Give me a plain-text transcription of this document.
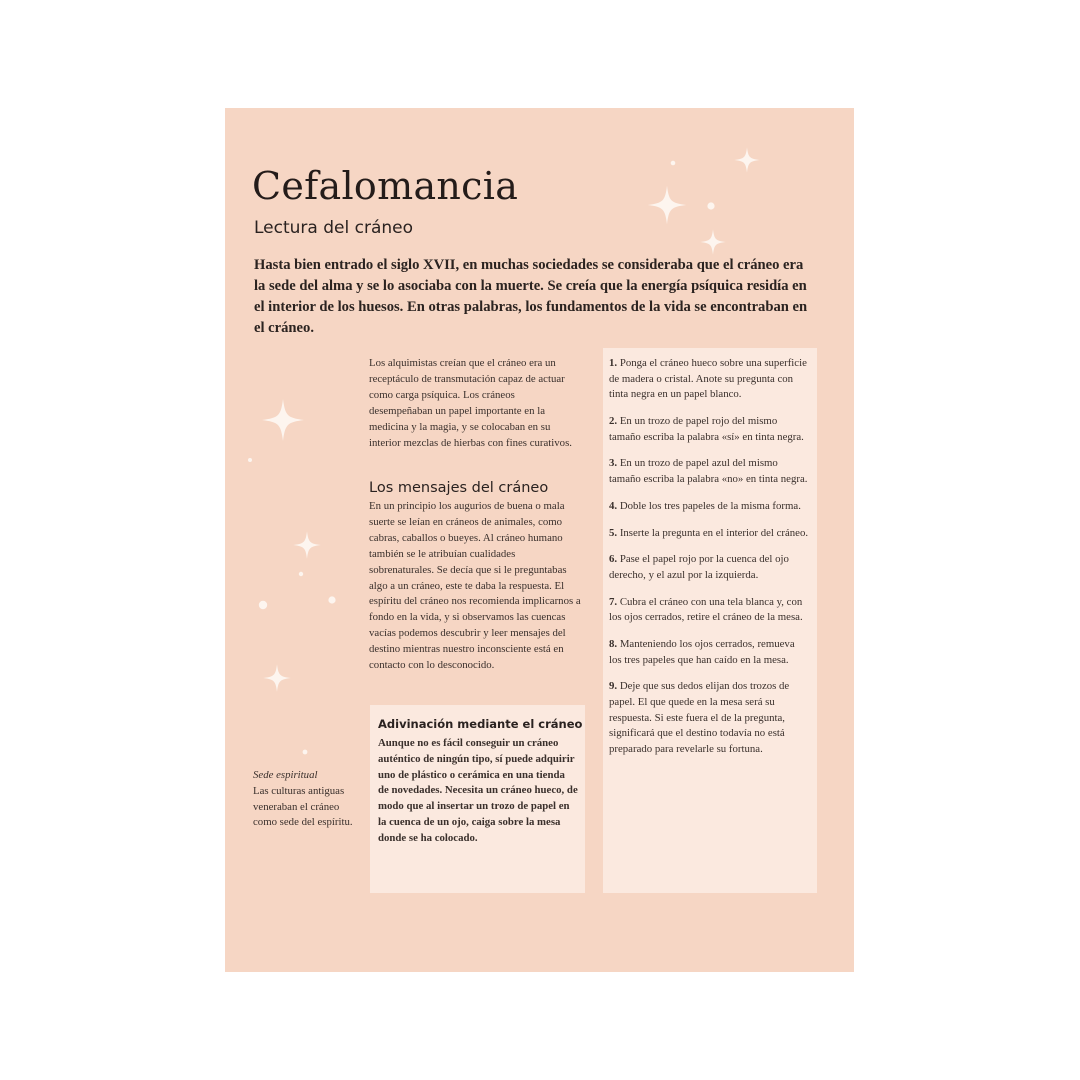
Cefalomancia
Lectura del cráneo

Hasta bien entrado el siglo XVII, en muchas sociedades se consideraba que el cráneo era la sede del alma y se lo asociaba con la muerte. Se creía que la energía psíquica residía en el interior de los huesos. En otras palabras, los fundamentos de la vida se encontraban en el cráneo.

Los alquimistas creían que el cráneo era un receptáculo de transmutación capaz de actuar como carga psíquica. Los cráneos desempeñaban un papel importante en la medicina y la magia, y se colocaban en su interior mezclas de hierbas con fines curativos.

Los mensajes del cráneo

En un principio los augurios de buena o mala suerte se leían en cráneos de animales, como cabras, caballos o bueyes. Al cráneo humano también se le atribuían cualidades sobrenaturales. Se decía que si le preguntabas algo a un cráneo, este te daba la respuesta. El espíritu del cráneo nos recomienda implicarnos a fondo en la vida, y si observamos las cuencas vacías podemos descubrir y leer mensajes del destino mientras nuestro inconsciente está en contacto con lo desconocido.

Adivinación mediante el cráneo

Aunque no es fácil conseguir un cráneo auténtico de ningún tipo, sí puede adquirir uno de plástico o cerámica en una tienda de novedades. Necesita un cráneo hueco, de modo que al insertar un trozo de papel en la cuenca de un ojo, caiga sobre la mesa donde se ha colocado.

1. Ponga el cráneo hueco sobre una superficie de madera o cristal. Anote su pregunta con tinta negra en un papel blanco.
2. En un trozo de papel rojo del mismo tamaño escriba la palabra «sí» en tinta negra.
3. En un trozo de papel azul del mismo tamaño escriba la palabra «no» en tinta negra.
4. Doble los tres papeles de la misma forma.
5. Inserte la pregunta en el interior del cráneo.
6. Pase el papel rojo por la cuenca del ojo derecho, y el azul por la izquierda.
7. Cubra el cráneo con una tela blanca y, con los ojos cerrados, retire el cráneo de la mesa.
8. Manteniendo los ojos cerrados, remueva los tres papeles que han caído en la mesa.
9. Deje que sus dedos elijan dos trozos de papel. El que quede en la mesa será su respuesta. Si este fuera el de la pregunta, significará que el destino todavía no está preparado para revelarle su fortuna.
Sede espiritual
Las culturas antiguas veneraban el cráneo como sede del espíritu.
